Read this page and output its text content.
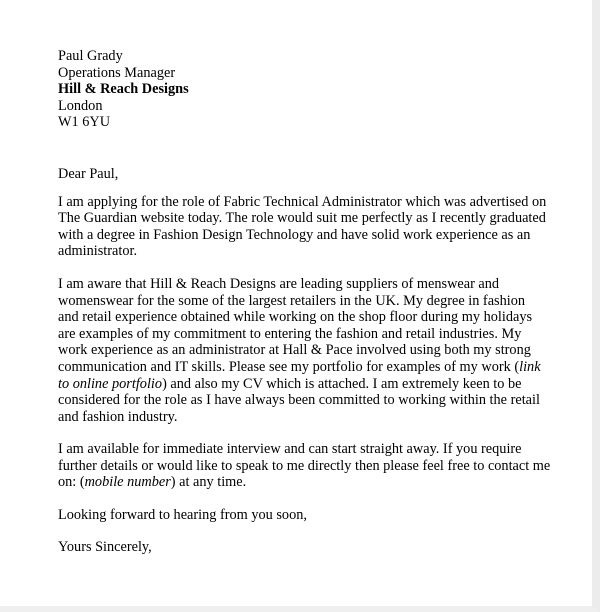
Paul Grady
Operations Manager
Hill & Reach Designs
London
W1 6YU
Dear Paul,
I am applying for the role of Fabric Technical Administrator which was advertised on
The Guardian website today. The role would suit me perfectly as I recently graduated
with a degree in Fashion Design Technology and have solid work experience as an
administrator.
I am aware that Hill & Reach Designs are leading suppliers of menswear and
womenswear for the some of the largest retailers in the UK. My degree in fashion
and retail experience obtained while working on the shop floor during my holidays
are examples of my commitment to entering the fashion and retail industries. My
work experience as an administrator at Hall & Pace involved using both my strong
communication and IT skills. Please see my portfolio for examples of my work (link
to online portfolio) and also my CV which is attached. I am extremely keen to be
considered for the role as I have always been committed to working within the retail
and fashion industry.
I am available for immediate interview and can start straight away. If you require
further details or would like to speak to me directly then please feel free to contact me
on: (mobile number) at any time.
Looking forward to hearing from you soon,
Yours Sincerely,
